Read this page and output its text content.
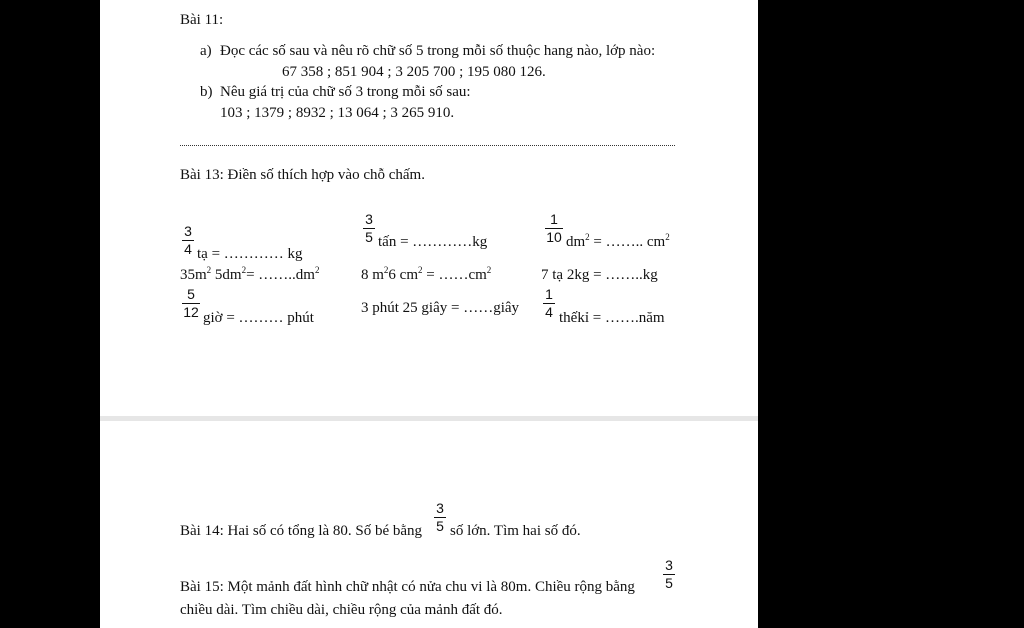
Bài 11:
a) Đọc các số sau và nêu rõ chữ số 5 trong mỗi số thuộc hang nào, lớp nào:
67 358 ; 851 904 ; 3 205 700 ; 195 080 126.
b) Nêu giá trị của chữ số 3 trong mỗi số sau:
103 ; 1379 ; 8932 ; 13 064 ; 3 265 910.
Bài 13: Điền số thích hợp vào chỗ chấm.
3
4 tạ = ………… kg
3
5 tấn = …………kg
1
10 $dm^2$ = …….. $cm^2$
$35m^2$ $5dm^2=$ $\dots\dots..dm^2$	8 $m^26$ $cm^2$ = $\dots\dots cm^2$	7 tạ 2kg = ……..kg
5
12 giờ = ……… phút
3 phút 25 giây = ……giây
1
4 thếkỉ = …….năm
Bài 14: Hai số có tổng là 80. Số bé bằng
3
5 số lớn. Tìm hai số đó.
Bài 15: Một mảnh đất hình chữ nhật có nửa chu vi là 80m. Chiều rộng bằng
3
5
chiều dài. Tìm chiều dài, chiều rộng của mảnh đất đó.
